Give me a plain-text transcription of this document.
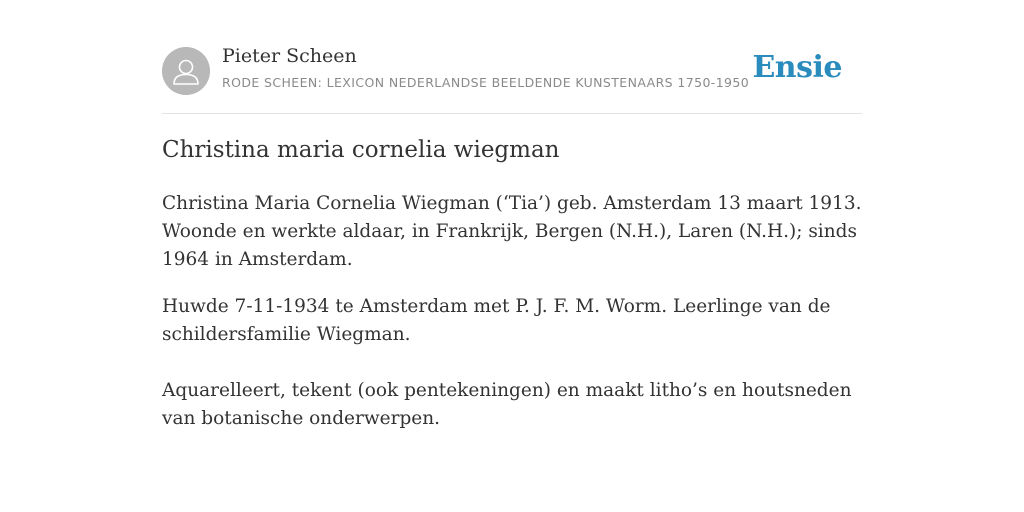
Pieter Scheen
RODE SCHEEN: LEXICON NEDERLANDSE BEELDENDE KUNSTENAARS 1750-1950 Ensie
Christina maria cornelia wiegman

Christina Maria Cornelia Wiegman (‘Tia’) geb. Amsterdam 13 maart 1913. Woonde en werkte aldaar, in Frankrijk, Bergen (N.H.), Laren (N.H.); sinds 1964 in Amsterdam.

Huwde 7-11-1934 te Amsterdam met P. J. F. M. Worm. Leerlinge van de schildersfamilie Wiegman.

Aquarelleert, tekent (ook pentekeningen) en maakt litho’s en houtsneden van botanische onderwerpen.
